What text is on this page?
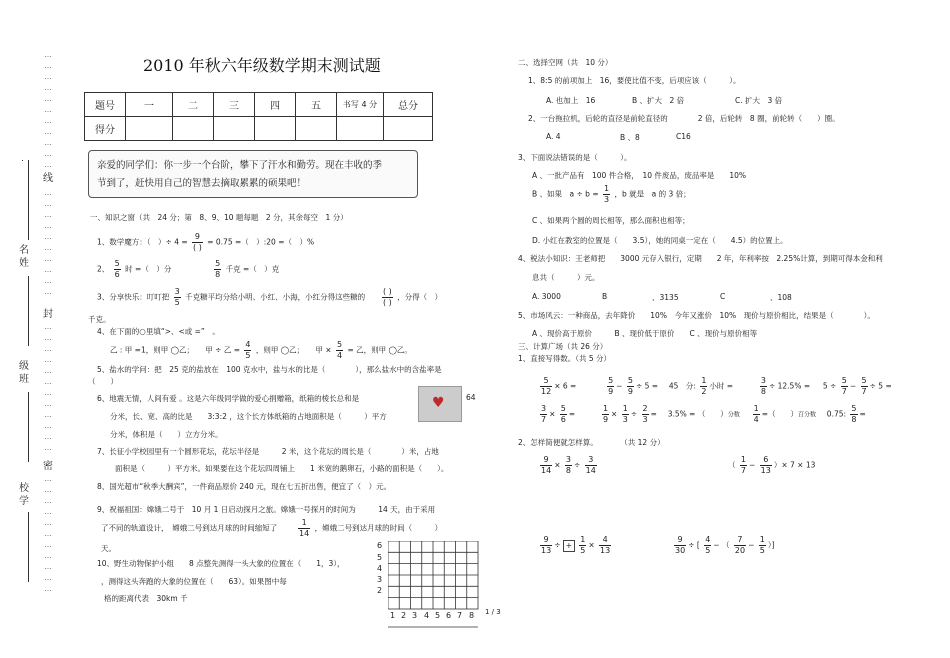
…
…
…
…
…
…
…
…
…
…
…
线
…
…
…
…
…
…
…
…
…
…
封
…
…
…
…
…
…
…
…
…
…
…
…
密
…
…
…
…
…
…
…
…
…
…
…
名 姓
级 班
校 学
2010 年秋六年级数学期末测试题
题号	一	二	三	四	五	书写 4 分	总分
得分							
亲爱的同学们：你一步一个台阶，攀下了汗水和勤劳。现在丰收的季
节到了，赶快用自己的智慧去摘取累累的硕果吧！
一、知识之窗（共　24 分；第　8、9、10 题每题　2 分，其余每空　1 分）
1、数学魔方：（　）÷ $4 = \frac{9}{( )} = 0.75$ =（　）:20 =（　）%
2、 $\frac{5}{6}$ 时 =（　）分	$\frac{5}{8}$ 千克 =（　）克
3、分享快乐：叮叮把 $\frac{3}{5}$ 千克糖平均分给小明、小红、小海，小红分得这些糖的 $\frac{( )}{( )}$ ，分得（　）
千克。
4、在下面的○里填“>、<或 =”　。
乙 : 甲 =1，则甲 ◯乙；　　甲 ÷ 乙 = $\frac{4}{5}$ ，则甲 ◯乙；　　甲 × $\frac{5}{4}$ = 乙，则甲 ◯乙。
5、盐水的学问：把　25 克的盐放在　100 克水中，盐与水的比是（　　　　），那么盐水中的含盐率是
（　　）
6、地震无情，人间有爱 。这是六年级同学做的爱心捐赠箱，纸箱的棱长总和是	♥	64
分米，长、宽、高的比是　　3:3:2 ，这个长方体纸箱的占地面积是（　　　）平方
分米，体积是（　　）立方分米。
7、长征小学校园里有一个圆形花坛，花坛半径是　　　2 米，这个花坛的周长是（　　　　）米，占地
面积是（　　　）平方米。如果要在这个花坛四周铺上　　1 米宽的鹅卵石，小路的面积是（　　）。
8、国光超市“秋季大酬宾”，一件商品原价 240 元，现在七五折出售，便宜了（　）元。
9、祝福祖国：嫦娥二号于　10 月 1 日启动探月之旅。嫦娥一号探月的时间为　　　14 天，由于采用
了不同的轨道设计，　嫦娥二号到达月球的时间缩短了	$\frac{1}{14}$ ，嫦娥二号到达月球的时间（　　　）
天。
10、野生动物保护小组　　8 点整先测得一头大象的位置在（　　1，3），
，测得这头奔跑的大象的位置在（　　63）。如果图中每
格的距离代表　30km 千
6
5
4
3
2
1 2 3 4 5 6 7 8 1 / 3
二、选择空网（共　10 分）
1、8:5 的前项加上　16，要使比值不变，后项应该（　　　）。
A. 也加上　16	B 、扩大　2 倍	C. 扩大　3 倍
2、一台拖拉机，后轮的直径是前轮直径的　　　　2 倍，后轮转　8 圈，前轮转（　　）圈。
A. 4	B 、8	C16
3、下面说法错误的是（　　　）。
A 、一批产品有　100 件合格，　10 件废品，废品率是　　10%
B 、如果　$a \div b = \frac{1}{3}$ ，b 就是　a 的 3 倍；
C 、如果两个圆的周长相等，那么面积也相等；
D. 小红在教室的位置是（　　3.5），她的同桌一定在（　　4.5）的位置上。
4、税法小知识：王老师把　　3000 元存入银行，定期　　2 年，年利率按　2.25%计算，到期可得本金和利
息共（　　　）元。
A. 3000	B	、3135	C	、108
5、市场风云：一种商品，去年降价　　10%　今年又涨价　10%　现价与原价相比，结果是（　　　　）。
A 、现价高于原价　　　B 、现价低于原价　　C 、现价与原价相等
三、计算广场（共 26 分）
1、直接写得数。（共 5 分）
$\frac{5}{12} \times 6$ =	$\frac{5}{9} - \frac{5}{9} \div 5 = 45$　分: $\frac{1}{2}$ 小时 =	$\frac{3}{8} \div 12.5\% = 5 \div \frac{5}{7} - \frac{5}{7} \div 5$ =
$\frac{3}{7} \times \frac{5}{6}$ =	$\frac{1}{9} \times \frac{1}{3} \div \frac{2}{3} = 3.5\%$ = （　　）分数 $\frac{1}{4}$ =（　　）百分数 0.75: $\frac{5}{8}$ =
2、怎样简便就怎样算。　　　　（共 12 分）
$\frac{9}{14} \times \frac{3}{8} \div \frac{3}{14}$	（ $\frac{1}{7} - \frac{6}{13}$ ）× 7 × 13
$\frac{9}{13}$ ÷ + $\frac{1}{5} \times \frac{4}{13}$	$\frac{9}{30}$ ÷ [ $\frac{4}{5}$ − （ $\frac{7}{20} - \frac{1}{5}$ ）]
